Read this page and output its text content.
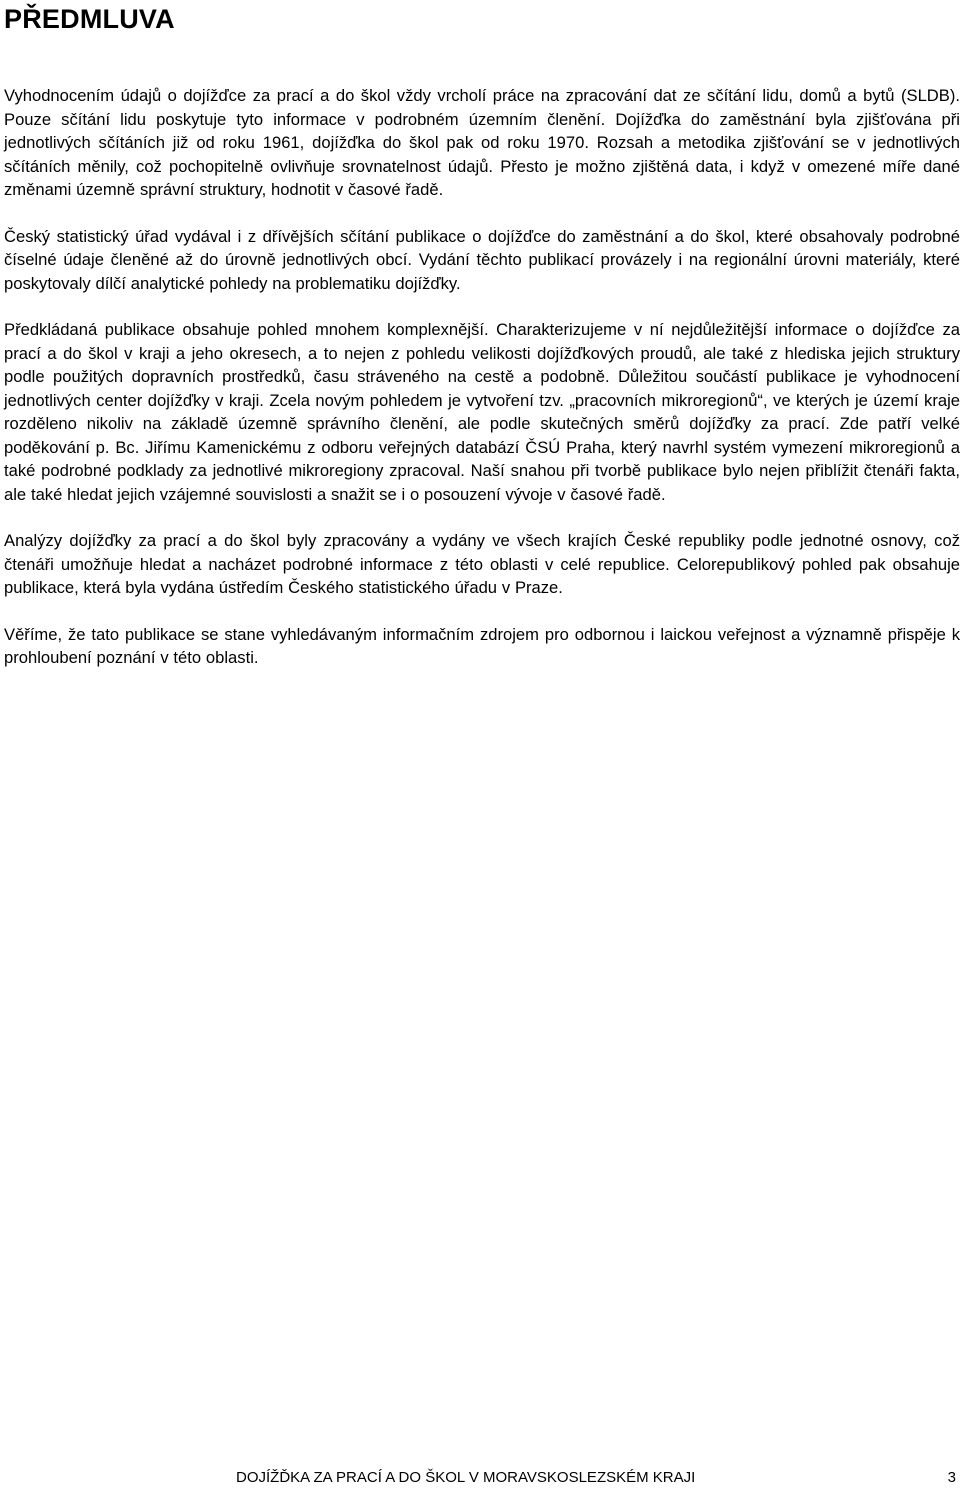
PŘEDMLUVA

Vyhodnocením údajů o dojížďce za prací a do škol vždy vrcholí práce na zpracování dat ze sčítání lidu, domů a bytů (SLDB). Pouze sčítání lidu poskytuje tyto informace v podrobném územním členění. Dojížďka do zaměstnání byla zjišťována při jednotlivých sčítáních již od roku 1961, dojížďka do škol pak od roku 1970. Rozsah a metodika zjišťování se v jednotlivých sčítáních měnily, což pochopitelně ovlivňuje srovnatelnost údajů. Přesto je možno zjištěná data, i když v omezené míře dané změnami územně správní struktury, hodnotit v časové řadě.

Český statistický úřad vydával i z dřívějších sčítání publikace o dojížďce do zaměstnání a do škol, které obsahovaly podrobné číselné údaje členěné až do úrovně jednotlivých obcí. Vydání těchto publikací provázely i na regionální úrovni materiály, které poskytovaly dílčí analytické pohledy na problematiku dojížďky.

Předkládaná publikace obsahuje pohled mnohem komplexnější. Charakterizujeme v ní nejdůležitější informace o dojížďce za prací a do škol v kraji a jeho okresech, a to nejen z pohledu velikosti dojížďkových proudů, ale také z hlediska jejich struktury podle použitých dopravních prostředků, času stráveného na cestě a podobně. Důležitou součástí publikace je vyhodnocení jednotlivých center dojížďky v kraji. Zcela novým pohledem je vytvoření tzv. „pracovních mikroregionů“, ve kterých je území kraje rozděleno nikoliv na základě územně správního členění, ale podle skutečných směrů dojížďky za prací. Zde patří velké poděkování p. Bc. Jiřímu Kamenickému z odboru veřejných databází ČSÚ Praha, který navrhl systém vymezení mikroregionů a také podrobné podklady za jednotlivé mikroregiony zpracoval. Naší snahou při tvorbě publikace bylo nejen přiblížit čtenáři fakta, ale také hledat jejich vzájemné souvislosti a snažit se i o posouzení vývoje v časové řadě.

Analýzy dojížďky za prací a do škol byly zpracovány a vydány ve všech krajích České republiky podle jednotné osnovy, což čtenáři umožňuje hledat a nacházet podrobné informace z této oblasti v celé republice. Celorepublikový pohled pak obsahuje publikace, která byla vydána ústředím Českého statistického úřadu v Praze.

Věříme, že tato publikace se stane vyhledávaným informačním zdrojem pro odbornou i laickou veřejnost a významně přispěje k prohloubení poznání v této oblasti.

DOJÍŽĎKA ZA PRACÍ A DO ŠKOL V MORAVSKOSLEZSKÉM KRAJI	3
